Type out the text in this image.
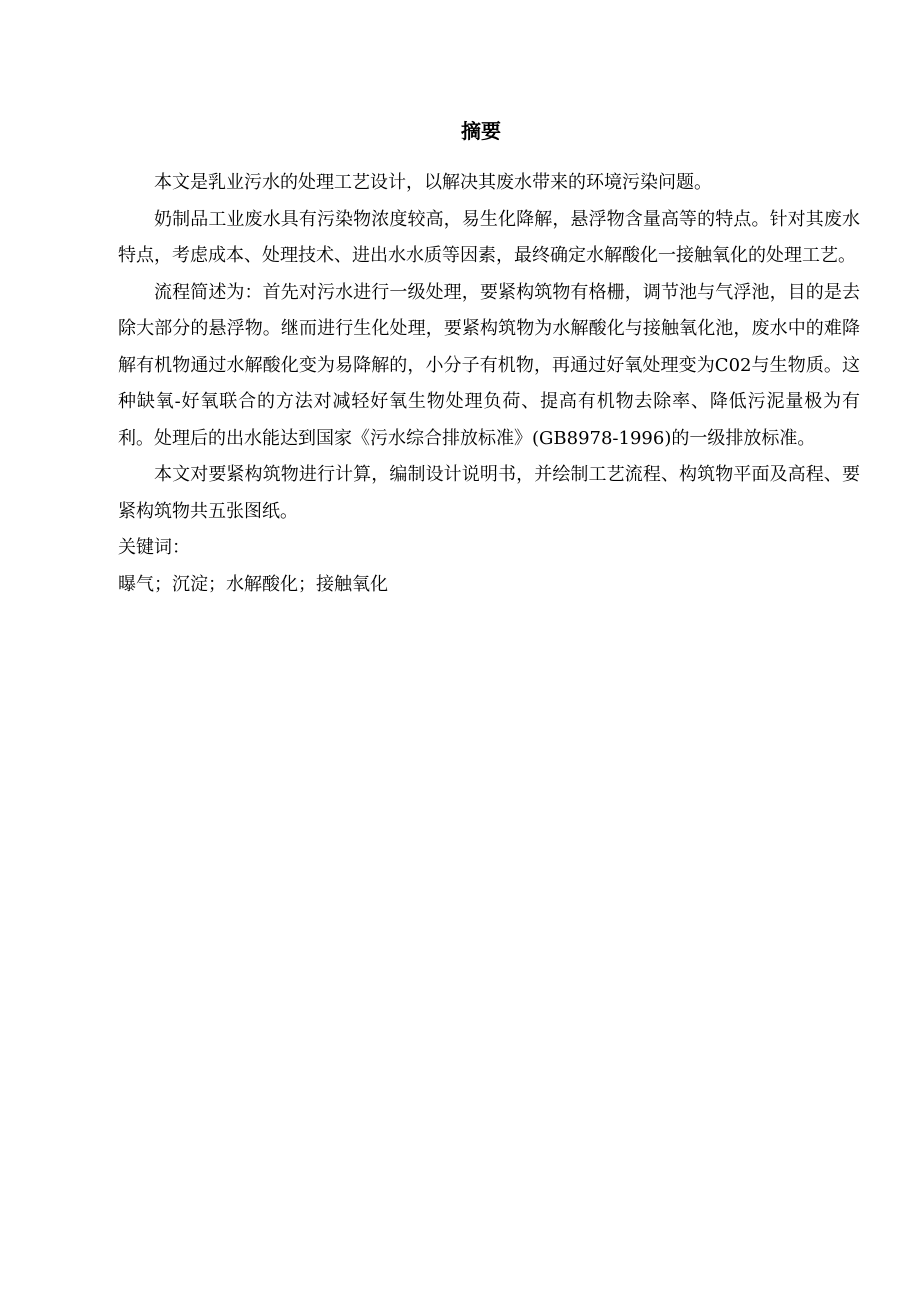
摘要

本文是乳业污水的处理工艺设计，以解决其废水带来的环境污染问题。

奶制品工业废水具有污染物浓度较高，易生化降解，悬浮物含量高等的特点。针对其废水特点，考虑成本、处理技术、进出水水质等因素，最终确定水解酸化一接触氧化的处理工艺。

流程简述为：首先对污水进行一级处理，要紧构筑物有格栅，调节池与气浮池，目的是去除大部分的悬浮物。继而进行生化处理，要紧构筑物为水解酸化与接触氧化池，废水中的难降解有机物通过水解酸化变为易降解的，小分子有机物，再通过好氧处理变为C02与生物质。这种缺氧-好氧联合的方法对减轻好氧生物处理负荷、提高有机物去除率、降低污泥量极为有利。处理后的出水能达到国家《污水综合排放标准》(GB8978-1996)的一级排放标准。

本文对要紧构筑物进行计算，编制设计说明书，并绘制工艺流程、构筑物平面及高程、要紧构筑物共五张图纸。

关键词：

曝气；沉淀；水解酸化；接触氧化
